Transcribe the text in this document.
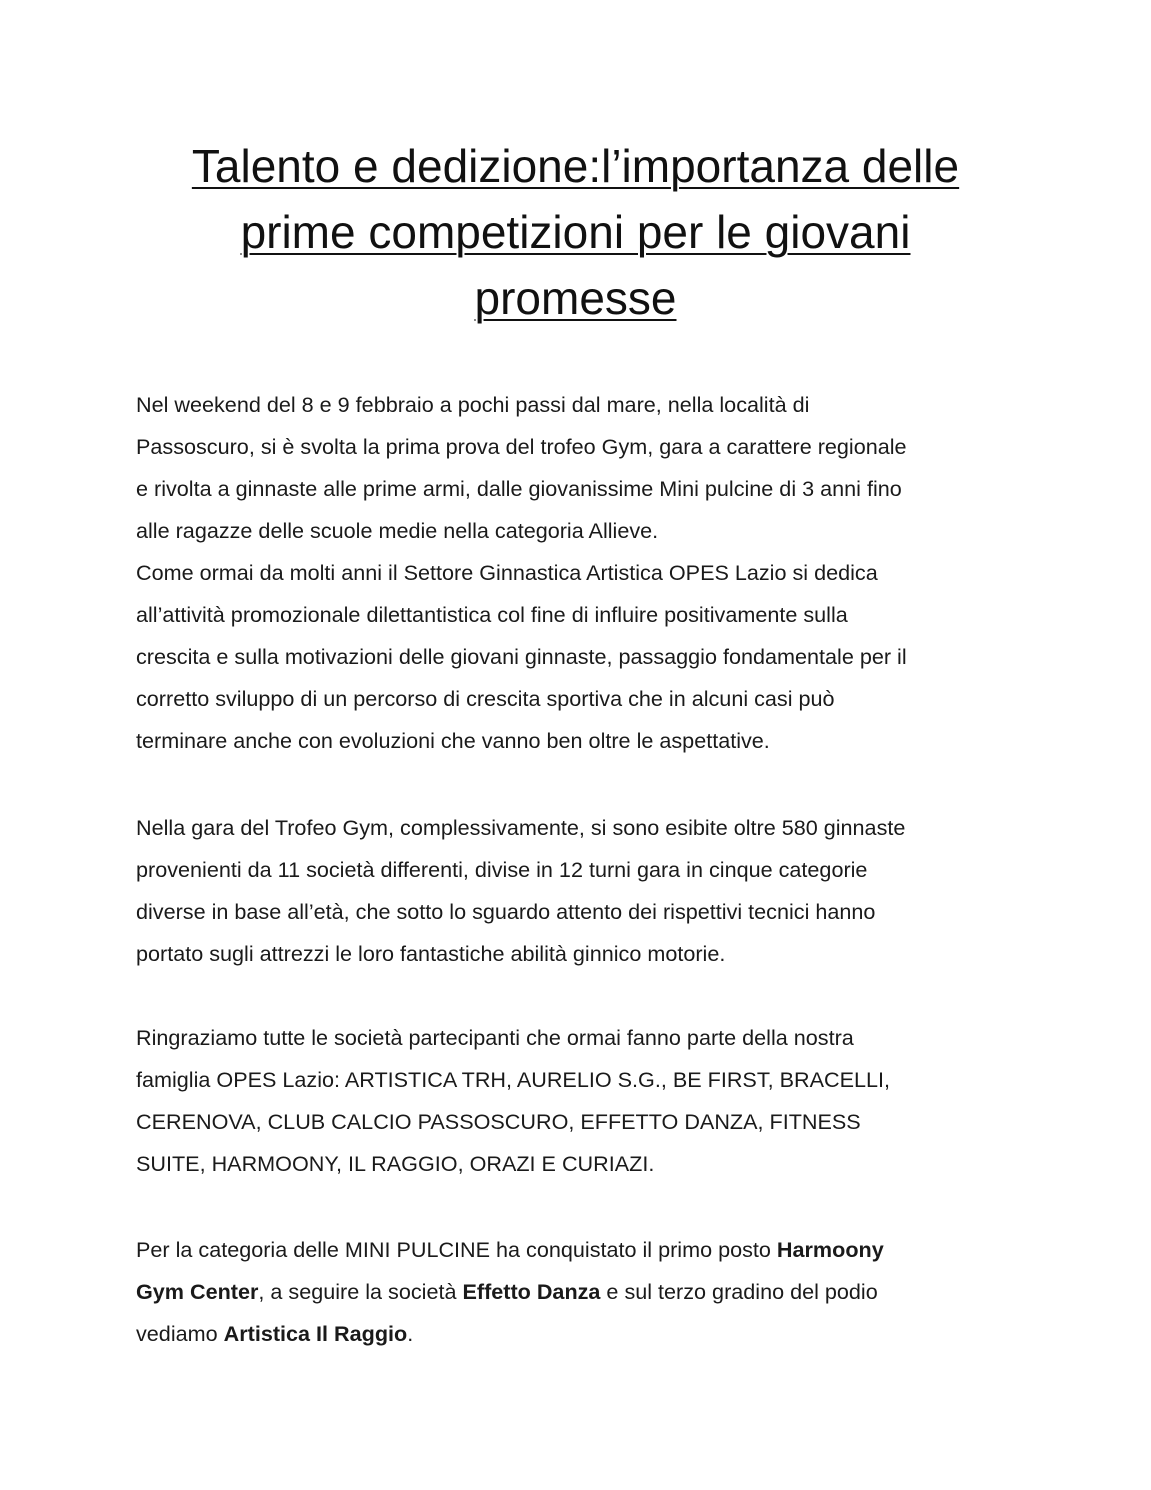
Talento e dedizione:l’importanza delle
prime competizioni per le giovani
promesse

Nel weekend del 8 e 9 febbraio a pochi passi dal mare, nella località di
Passoscuro, si è svolta la prima prova del trofeo Gym, gara a carattere regionale
e rivolta a ginnaste alle prime armi, dalle giovanissime Mini pulcine di 3 anni fino
alle ragazze delle scuole medie nella categoria Allieve.
Come ormai da molti anni il Settore Ginnastica Artistica OPES Lazio si dedica
all’attività promozionale dilettantistica col fine di influire positivamente sulla
crescita e sulla motivazioni delle giovani ginnaste, passaggio fondamentale per il
corretto sviluppo di un percorso di crescita sportiva che in alcuni casi può
terminare anche con evoluzioni che vanno ben oltre le aspettative.

Nella gara del Trofeo Gym, complessivamente, si sono esibite oltre 580 ginnaste
provenienti da 11 società differenti, divise in 12 turni gara in cinque categorie
diverse in base all’età, che sotto lo sguardo attento dei rispettivi tecnici hanno
portato sugli attrezzi le loro fantastiche abilità ginnico motorie.

Ringraziamo tutte le società partecipanti che ormai fanno parte della nostra
famiglia OPES Lazio: ARTISTICA TRH, AURELIO S.G., BE FIRST, BRACELLI,
CERENOVA, CLUB CALCIO PASSOSCURO, EFFETTO DANZA, FITNESS
SUITE, HARMOONY, IL RAGGIO, ORAZI E CURIAZI.

Per la categoria delle MINI PULCINE ha conquistato il primo posto Harmoony
Gym Center, a seguire la società Effetto Danza e sul terzo gradino del podio
vediamo Artistica Il Raggio.
